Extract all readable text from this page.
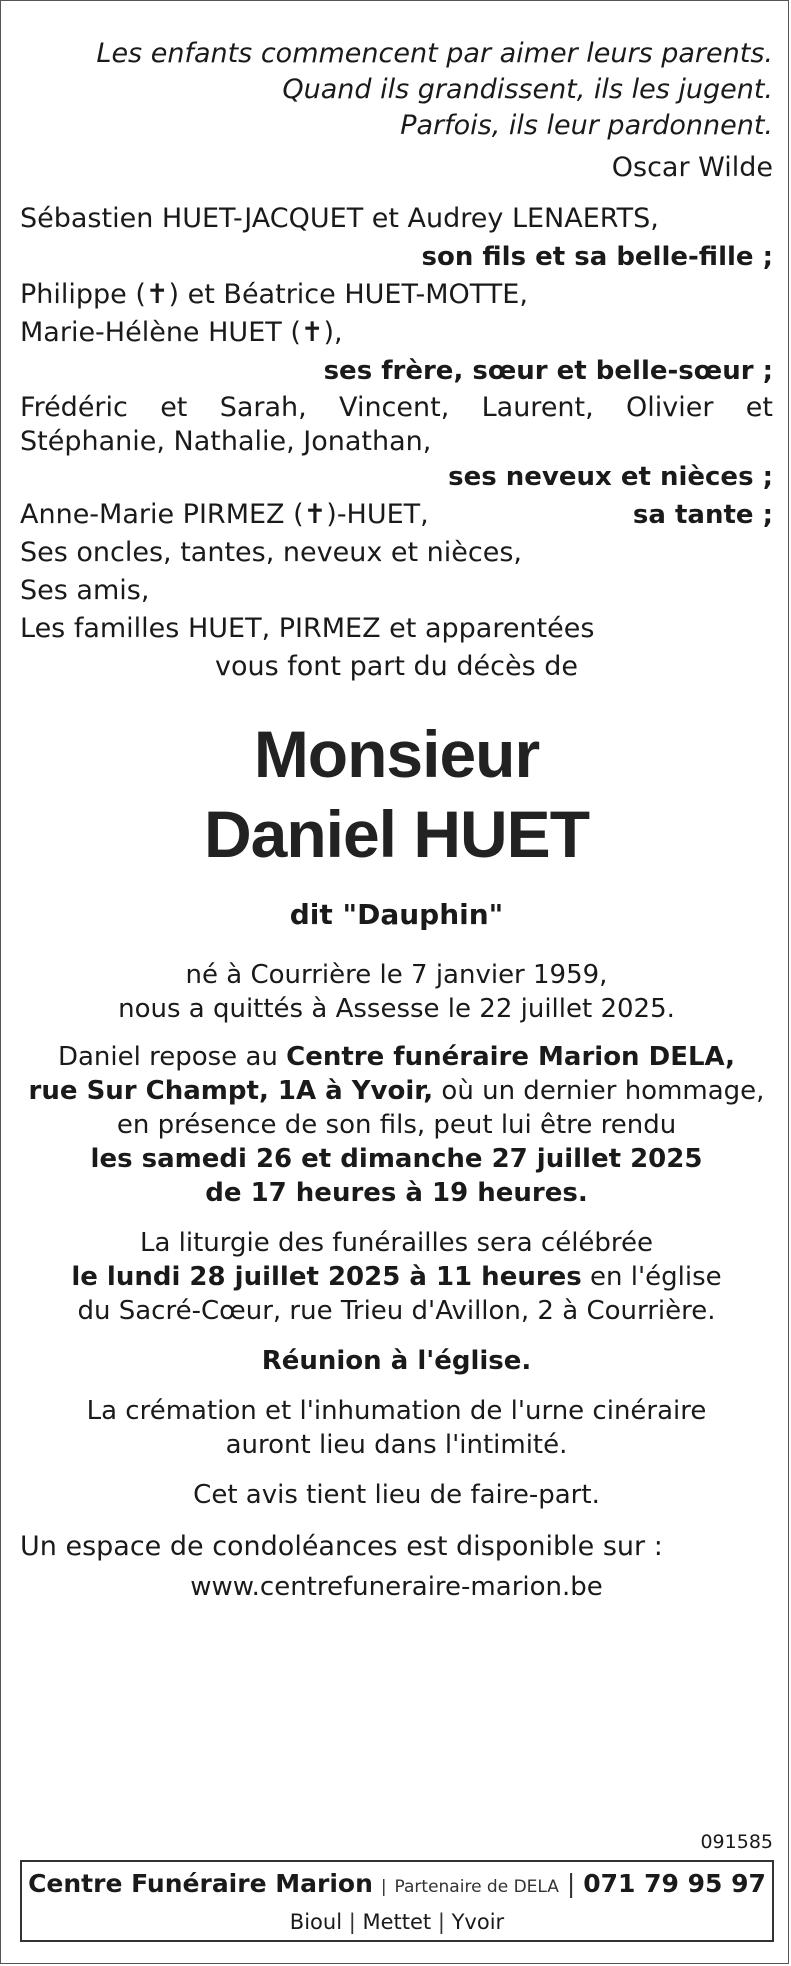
Les enfants commencent par aimer leurs parents.
Quand ils grandissent, ils les jugent.
Parfois, ils leur pardonnent.
Oscar Wilde
Sébastien HUET-JACQUET et Audrey LENAERTS,
son fils et sa belle-fille ;
Philippe (✝) et Béatrice HUET-MOTTE,
Marie-Hélène HUET (✝),
ses frère, sœur et belle-sœur ;
Frédéric et Sarah, Vincent, Laurent, Olivier et
Stéphanie, Nathalie, Jonathan,
ses neveux et nièces ;
Anne-Marie PIRMEZ (✝)-HUET,	sa tante ;
Ses oncles, tantes, neveux et nièces,
Ses amis,
Les familles HUET, PIRMEZ et apparentées
vous font part du décès de
Monsieur
Daniel HUET
dit "Dauphin"
né à Courrière le 7 janvier 1959,
nous a quittés à Assesse le 22 juillet 2025.
Daniel repose au Centre funéraire Marion DELA,
rue Sur Champt, 1A à Yvoir, où un dernier hommage,
en présence de son fils, peut lui être rendu
les samedi 26 et dimanche 27 juillet 2025
de 17 heures à 19 heures.
La liturgie des funérailles sera célébrée
le lundi 28 juillet 2025 à 11 heures en l'église
du Sacré-Cœur, rue Trieu d'Avillon, 2 à Courrière.
Réunion à l'église.
La crémation et l'inhumation de l'urne cinéraire
auront lieu dans l'intimité.
Cet avis tient lieu de faire-part.
Un espace de condoléances est disponible sur :
www.centrefuneraire-marion.be
091585
Centre Funéraire Marion | Partenaire de DELA | 071 79 95 97
Bioul | Mettet | Yvoir
